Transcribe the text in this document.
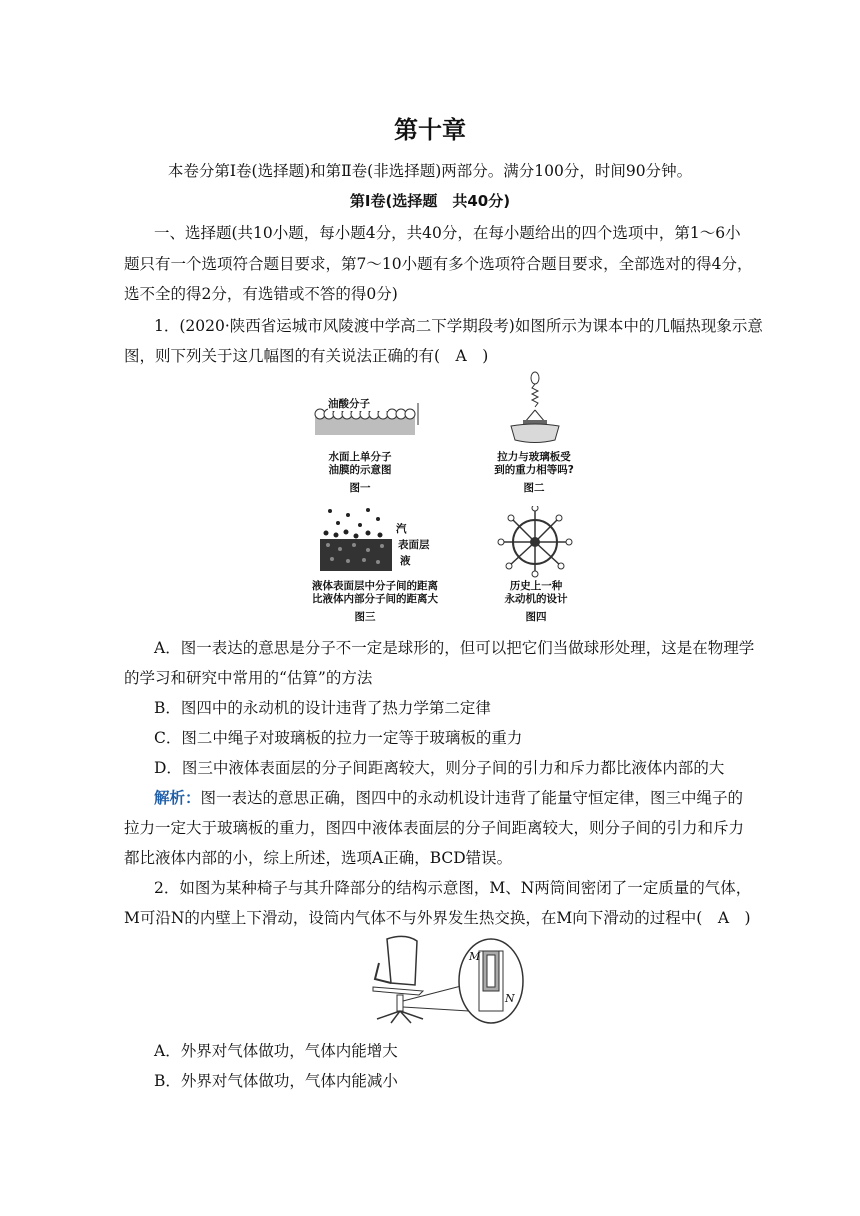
第十章
本卷分第Ⅰ卷(选择题)和第Ⅱ卷(非选择题)两部分。满分100分，时间90分钟。
第Ⅰ卷(选择题　共40分)
一、选择题(共10小题，每小题4分，共40分，在每小题给出的四个选项中，第1～6小
题只有一个选项符合题目要求，第7～10小题有多个选项符合题目要求，全部选对的得4分，
选不全的得2分，有选错或不答的得0分)
1．(2020·陕西省运城市风陵渡中学高二下学期段考)如图所示为课本中的几幅热现象示意
图，则下列关于这几幅图的有关说法正确的有(　A　)
油酸分子
水面上单分子
油膜的示意图
图一
拉力与玻璃板受
到的重力相等吗?
图二
汽
表面层
液
液体表面层中分子间的距离
比液体内部分子间的距离大
图三
历史上一种
永动机的设计
图四
A．图一表达的意思是分子不一定是球形的，但可以把它们当做球形处理，这是在物理学
的学习和研究中常用的“估算”的方法
B．图四中的永动机的设计违背了热力学第二定律
C．图二中绳子对玻璃板的拉力一定等于玻璃板的重力
D．图三中液体表面层的分子间距离较大，则分子间的引力和斥力都比液体内部的大
解析：图一表达的意思正确，图四中的永动机设计违背了能量守恒定律，图三中绳子的
拉力一定大于玻璃板的重力，图四中液体表面层的分子间距离较大，则分子间的引力和斥力
都比液体内部的小，综上所述，选项A正确，BCD错误。
2．如图为某种椅子与其升降部分的结构示意图，M、N两筒间密闭了一定质量的气体，
M可沿N的内壁上下滑动，设筒内气体不与外界发生热交换，在M向下滑动的过程中(　A　)
M
N
A．外界对气体做功，气体内能增大
B．外界对气体做功，气体内能减小
